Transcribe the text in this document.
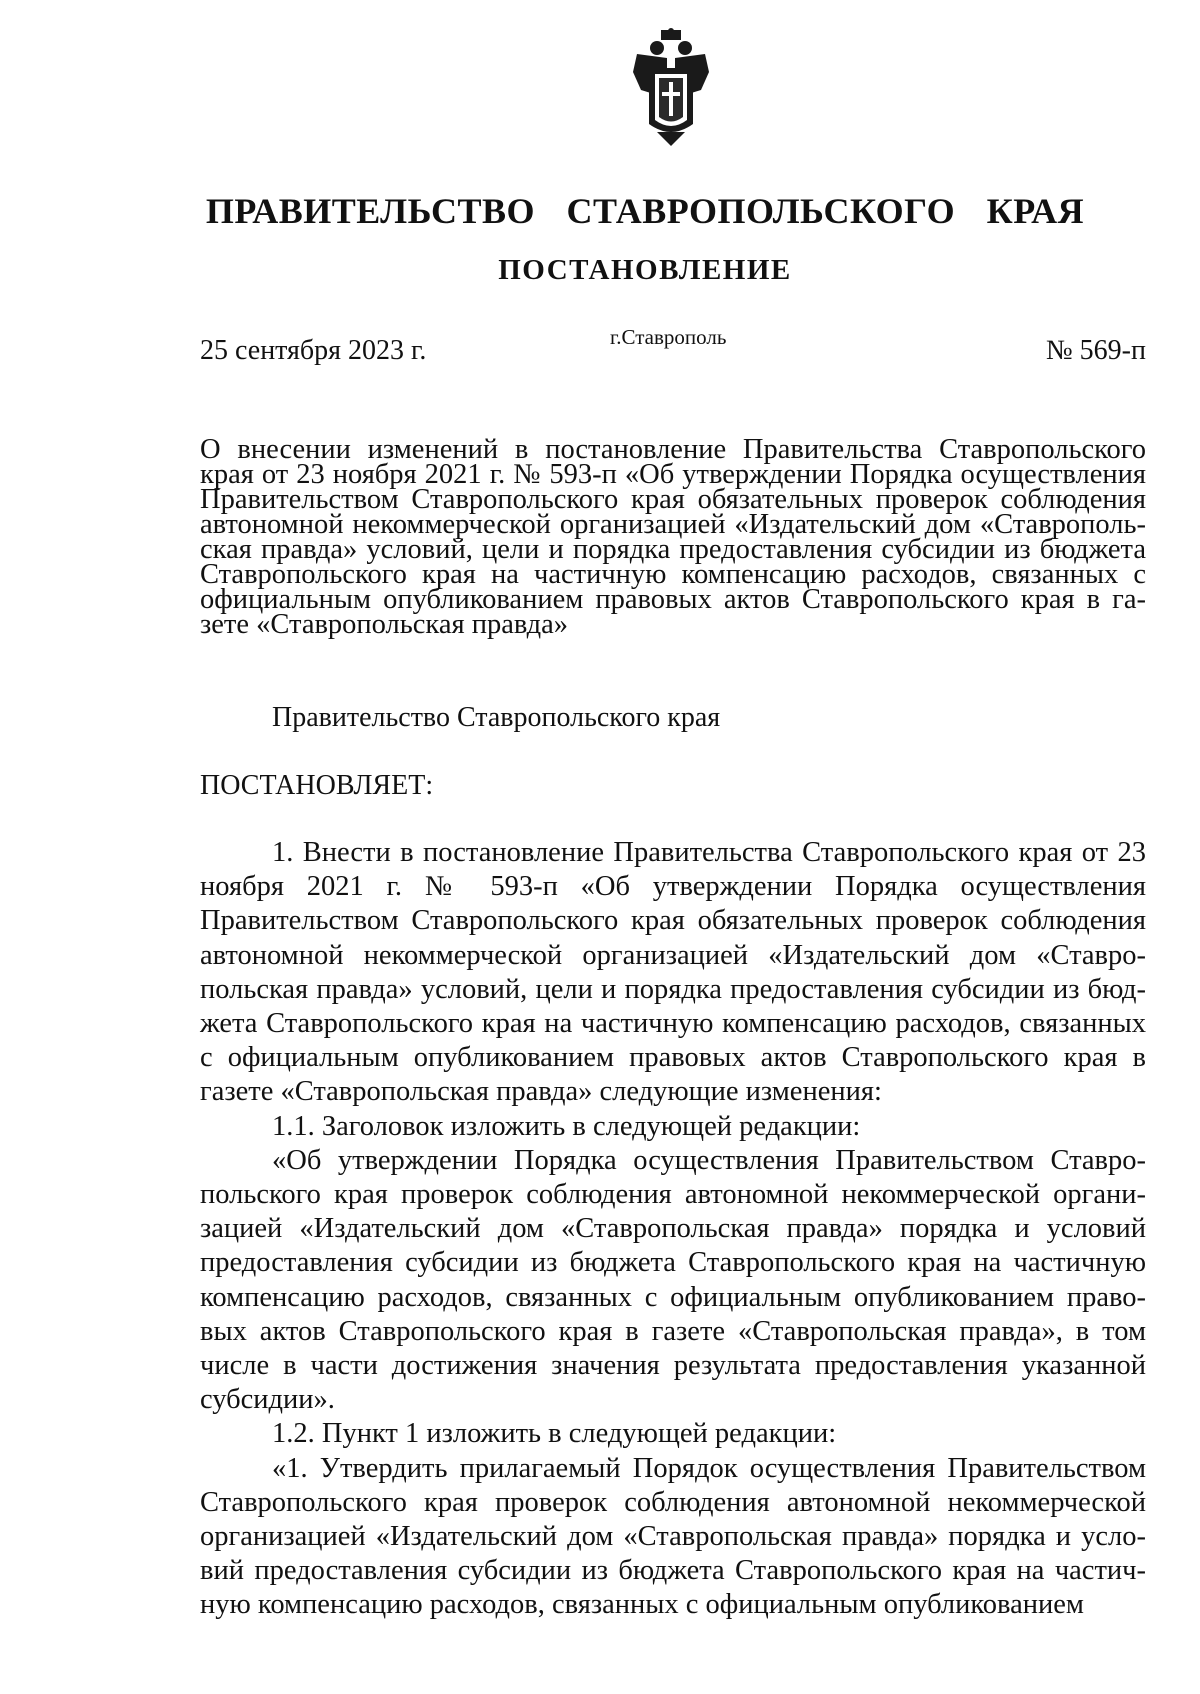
ПРАВИТЕЛЬСТВО СТАВРОПОЛЬСКОГО КРАЯ
ПОСТАНОВЛЕНИЕ
25 сентября 2023 г.	г.Ставрополь	№ 569-п

О внесении изменений в постановление Правительства Ставропольского края от 23 ноября 2021 г. № 593-п «Об утверждении Порядка осуществления Правительством Ставропольского края обязательных проверок соблюдения автономной некоммерческой организацией «Издательский дом «Ставропольская правда» условий, цели и порядка предоставления субсидии из бюджета Ставропольского края на частичную компенсацию расходов, связанных с официальным опубликованием правовых актов Ставропольского края в газете «Ставропольская правда»

Правительство Ставропольского края
ПОСТАНОВЛЯЕТ:

1. Внести в постановление Правительства Ставропольского края от 23 ноября 2021 г. № 593-п «Об утверждении Порядка осуществления Правительством Ставропольского края обязательных проверок соблюдения автономной некоммерческой организацией «Издательский дом «Ставропольская правда» условий, цели и порядка предоставления субсидии из бюджета Ставропольского края на частичную компенсацию расходов, связанных с официальным опубликованием правовых актов Ставропольского края в газете «Ставропольская правда» следующие изменения:

1.1. Заголовок изложить в следующей редакции:

«Об утверждении Порядка осуществления Правительством Ставропольского края проверок соблюдения автономной некоммерческой организацией «Издательский дом «Ставропольская правда» порядка и условий предоставления субсидии из бюджета Ставропольского края на частичную компенсацию расходов, связанных с официальным опубликованием правовых актов Ставропольского края в газете «Ставропольская правда», в том числе в части достижения значения результата предоставления указанной субсидии».

1.2. Пункт 1 изложить в следующей редакции:

«1. Утвердить прилагаемый Порядок осуществления Правительством Ставропольского края проверок соблюдения автономной некоммерческой организацией «Издательский дом «Ставропольская правда» порядка и условий предоставления субсидии из бюджета Ставропольского края на частичную компенсацию расходов, связанных с официальным опубликованием
